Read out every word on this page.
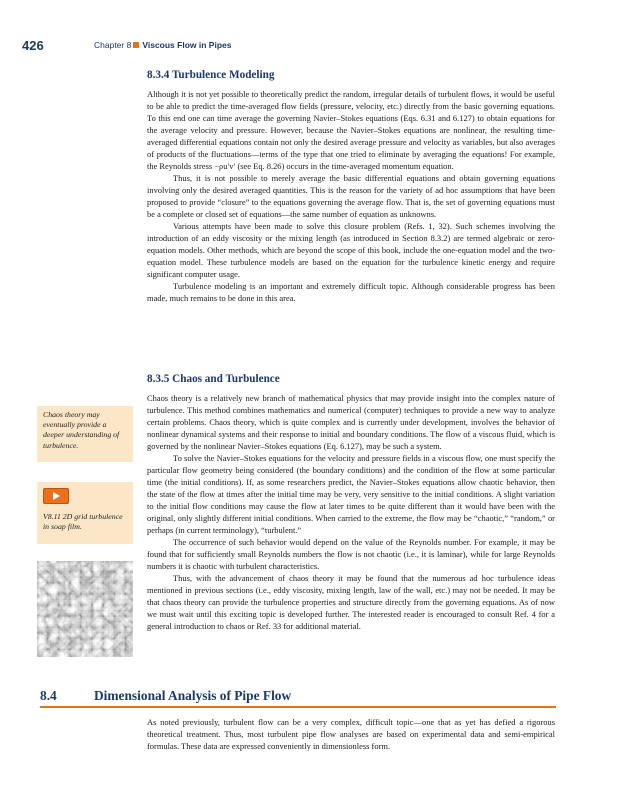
426	Chapter 8 Viscous Flow in Pipes
8.3.4 Turbulence Modeling

Although it is not yet possible to theoretically predict the random, irregular details of turbulent flows, it would be useful to be able to predict the time-averaged flow fields (pressure, velocity, etc.) directly from the basic governing equations. To this end one can time average the governing Navier–Stokes equations (Eqs. 6.31 and 6.127) to obtain equations for the average velocity and pressure. However, because the Navier–Stokes equations are nonlinear, the resulting time-averaged differential equations contain not only the desired average pressure and velocity as variables, but also averages of products of the fluctuations—terms of the type that one tried to eliminate by averaging the equations! For example, the Reynolds stress −ρu′v′ (see Eq. 8.26) occurs in the time-averaged momentum equation.

Thus, it is not possible to merely average the basic differential equations and obtain governing equations involving only the desired averaged quantities. This is the reason for the variety of ad hoc assumptions that have been proposed to provide “closure” to the equations governing the average flow. That is, the set of governing equations must be a complete or closed set of equations—the same number of equation as unknowns.

Various attempts have been made to solve this closure problem (Refs. 1, 32). Such schemes involving the introduction of an eddy viscosity or the mixing length (as introduced in Section 8.3.2) are termed algebraic or zero-equation models. Other methods, which are beyond the scope of this book, include the one-equation model and the two-equation model. These turbulence models are based on the equation for the turbulence kinetic energy and require significant computer usage.

Turbulence modeling is an important and extremely difficult topic. Although considerable progress has been made, much remains to be done in this area.

8.3.5 Chaos and Turbulence

Chaos theory is a relatively new branch of mathematical physics that may provide insight into the complex nature of turbulence. This method combines mathematics and numerical (computer) techniques to provide a new way to analyze certain problems. Chaos theory, which is quite complex and is currently under development, involves the behavior of nonlinear dynamical systems and their response to initial and boundary conditions. The flow of a viscous fluid, which is governed by the nonlinear Navier–Stokes equations (Eq. 6.127), may be such a system.

To solve the Navier–Stokes equations for the velocity and pressure fields in a viscous flow, one must specify the particular flow geometry being considered (the boundary conditions) and the condition of the flow at some particular time (the initial conditions). If, as some researchers predict, the Navier–Stokes equations allow chaotic behavior, then the state of the flow at times after the initial time may be very, very sensitive to the initial conditions. A slight variation to the initial flow conditions may cause the flow at later times to be quite different than it would have been with the original, only slightly different initial conditions. When carried to the extreme, the flow may be “chaotic,” “random,” or perhaps (in current terminology), “turbulent.”

The occurrence of such behavior would depend on the value of the Reynolds number. For example, it may be found that for sufficiently small Reynolds numbers the flow is not chaotic (i.e., it is laminar), while for large Reynolds numbers it is chaotic with turbulent characteristics.

Thus, with the advancement of chaos theory it may be found that the numerous ad hoc turbulence ideas mentioned in previous sections (i.e., eddy viscosity, mixing length, law of the wall, etc.) may not be needed. It may be that chaos theory can provide the turbulence properties and structure directly from the governing equations. As of now we must wait until this exciting topic is developed further. The interested reader is encouraged to consult Ref. 4 for a general introduction to chaos or Ref. 33 for additional material.

Chaos theory may eventually provide a deeper understanding of turbulence.
V8.11 2D grid turbulence in soap film.
8.4	Dimensional Analysis of Pipe Flow

As noted previously, turbulent flow can be a very complex, difficult topic—one that as yet has defied a rigorous theoretical treatment. Thus, most turbulent pipe flow analyses are based on experimental data and semi-empirical formulas. These data are expressed conveniently in dimensionless form.
